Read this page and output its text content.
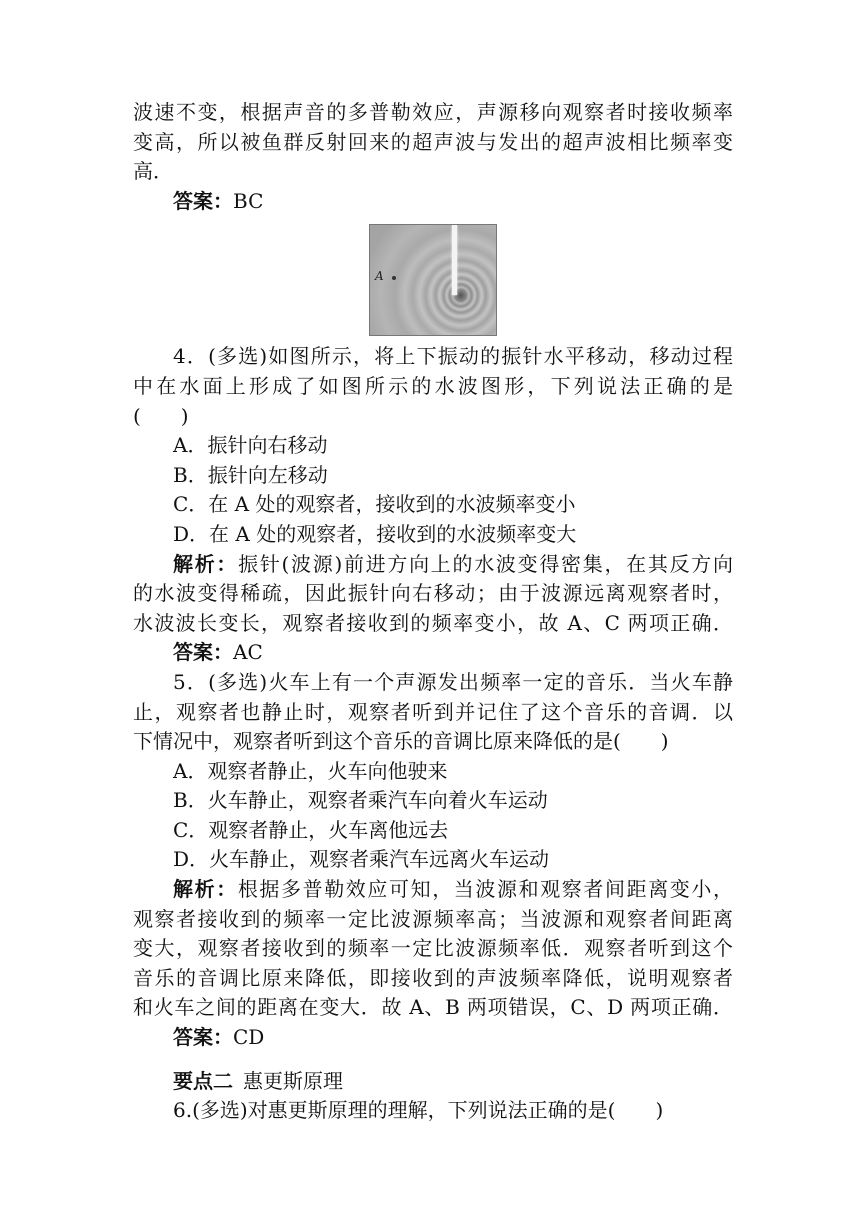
波速不变，根据声音的多普勒效应，声源移向观察者时接收频率
变高，所以被鱼群反射回来的超声波与发出的超声波相比频率变
高．
答案：BC
A
4．(多选)如图所示，将上下振动的振针水平移动，移动过程
中在水面上形成了如图所示的水波图形，下列说法正确的是
(　　)
A．振针向右移动
B．振针向左移动
C．在 A 处的观察者，接收到的水波频率变小
D．在 A 处的观察者，接收到的水波频率变大
解析：振针(波源)前进方向上的水波变得密集，在其反方向
的水波变得稀疏，因此振针向右移动；由于波源远离观察者时，
水波波长变长，观察者接收到的频率变小，故 A、C 两项正确．
答案：AC
5．(多选)火车上有一个声源发出频率一定的音乐．当火车静
止，观察者也静止时，观察者听到并记住了这个音乐的音调．以
下情况中，观察者听到这个音乐的音调比原来降低的是(　　)
A．观察者静止，火车向他驶来
B．火车静止，观察者乘汽车向着火车运动
C．观察者静止，火车离他远去
D．火车静止，观察者乘汽车远离火车运动
解析：根据多普勒效应可知，当波源和观察者间距离变小，
观察者接收到的频率一定比波源频率高；当波源和观察者间距离
变大，观察者接收到的频率一定比波源频率低．观察者听到这个
音乐的音调比原来降低，即接收到的声波频率降低，说明观察者
和火车之间的距离在变大．故 A、B 两项错误，C、D 两项正确．
答案：CD
要点二  惠更斯原理
6.(多选)对惠更斯原理的理解，下列说法正确的是(　　)
